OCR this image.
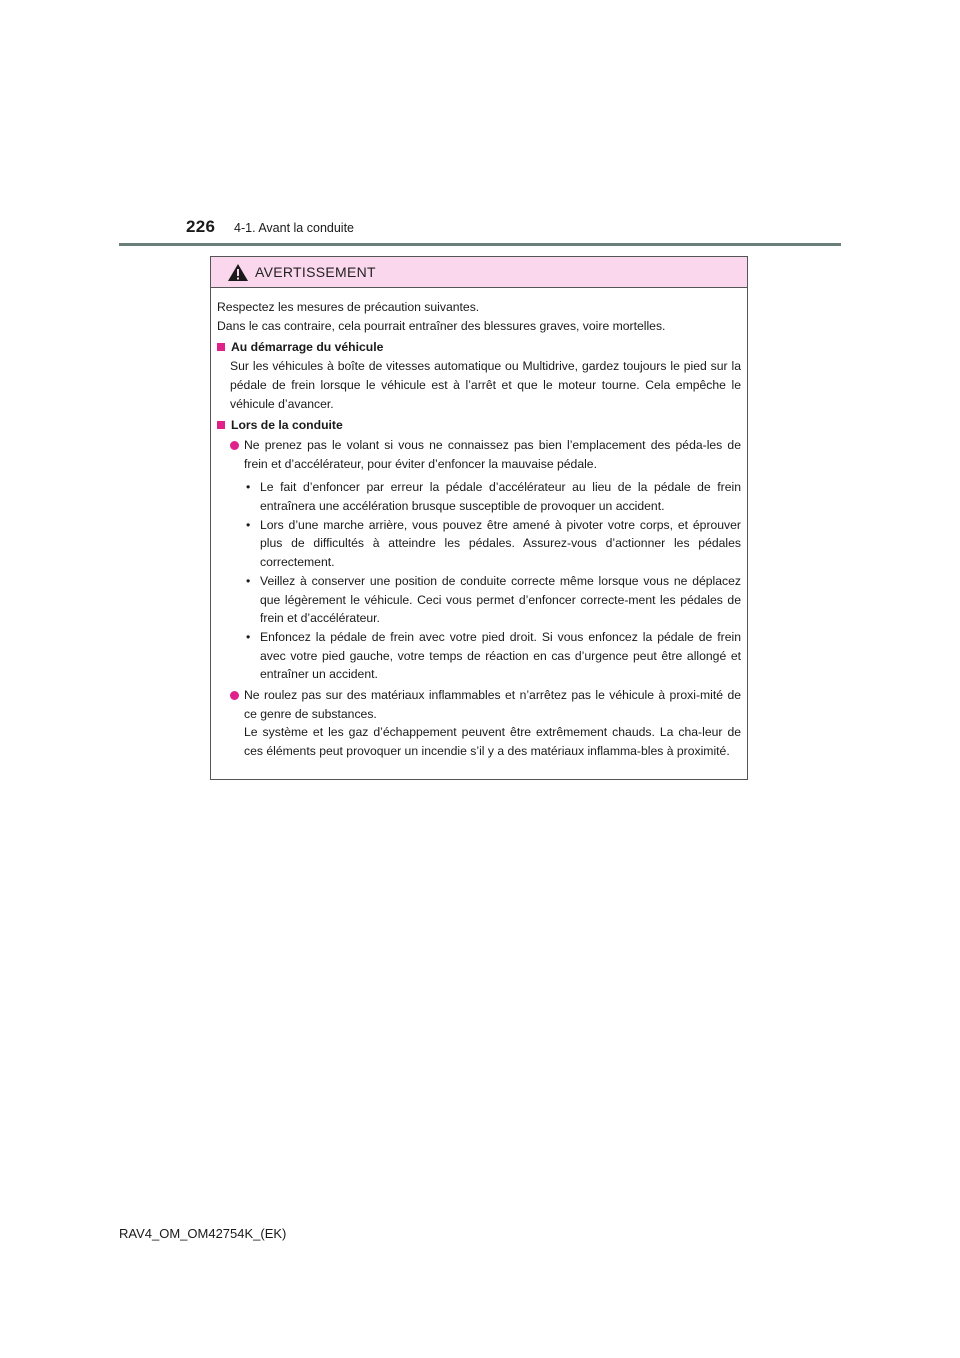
226 4-1. Avant la conduite
AVERTISSEMENT

Respectez les mesures de précaution suivantes.

Dans le cas contraire, cela pourrait entraîner des blessures graves, voire mortelles.

Au démarrage du véhicule

Sur les véhicules à boîte de vitesses automatique ou Multidrive, gardez toujours le pied sur la pédale de frein lorsque le véhicule est à l’arrêt et que le moteur tourne. Cela empêche le véhicule d’avancer.

Lors de la conduite
Ne prenez pas le volant si vous ne connaissez pas bien l’emplacement des péda-les de frein et d’accélérateur, pour éviter d’enfoncer la mauvaise pédale.
• Le fait d’enfoncer par erreur la pédale d’accélérateur au lieu de la pédale de frein entraînera une accélération brusque susceptible de provoquer un accident.
• Lors d’une marche arrière, vous pouvez être amené à pivoter votre corps, et éprouver plus de difficultés à atteindre les pédales. Assurez-vous d’actionner les pédales correctement.
• Veillez à conserver une position de conduite correcte même lorsque vous ne déplacez que légèrement le véhicule. Ceci vous permet d’enfoncer correcte-ment les pédales de frein et d’accélérateur.
• Enfoncez la pédale de frein avec votre pied droit. Si vous enfoncez la pédale de frein avec votre pied gauche, votre temps de réaction en cas d’urgence peut être allongé et entraîner un accident.
Ne roulez pas sur des matériaux inflammables et n’arrêtez pas le véhicule à proxi-mité de ce genre de substances.
Le système et les gaz d’échappement peuvent être extrêmement chauds. La cha-leur de ces éléments peut provoquer un incendie s’il y a des matériaux inflamma-bles à proximité.
RAV4_OM_OM42754K_(EK)
